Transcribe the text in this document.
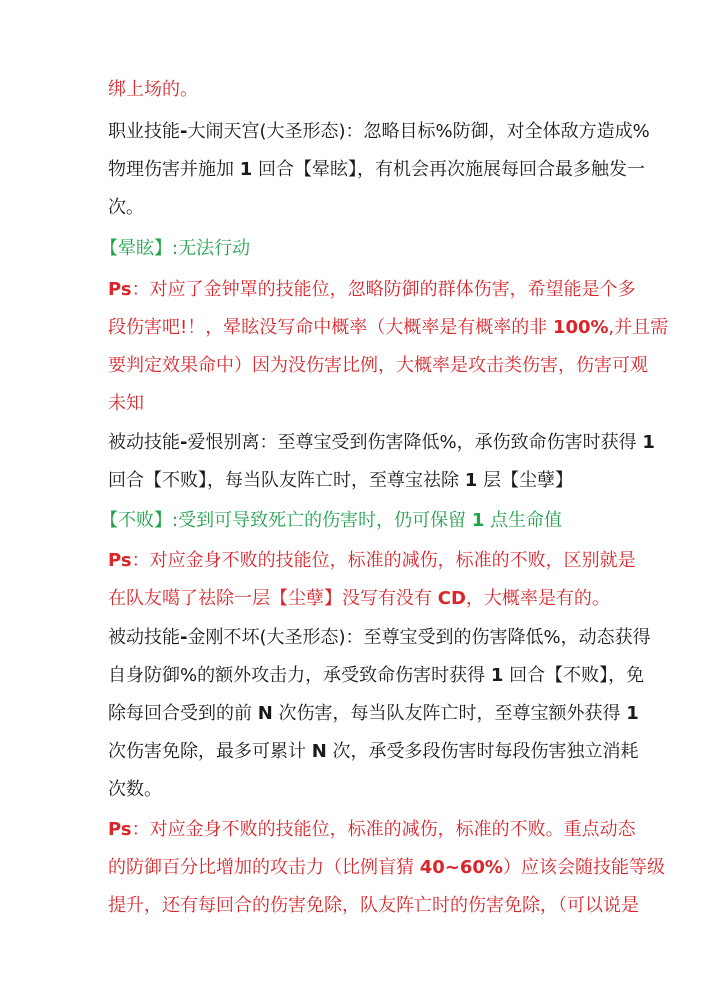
绑上场的。
职业技能-大闹天宫(大圣形态)：忽略目标%防御，对全体敌方造成%
物理伤害并施加 1 回合【晕眩】，有机会再次施展每回合最多触发一
次。
【晕眩】:无法行动
Ps：对应了金钟罩的技能位，忽略防御的群体伤害，希望能是个多
段伤害吧!！，晕眩没写命中概率（大概率是有概率的非 100%,并且需
要判定效果命中）因为没伤害比例，大概率是攻击类伤害，伤害可观
未知
被动技能-爱恨别离：至尊宝受到伤害降低%，承伤致命伤害时获得 1
回合【不败】，每当队友阵亡时，至尊宝祛除 1 层【尘孽】
【不败】:受到可导致死亡的伤害时，仍可保留 1 点生命值
Ps：对应金身不败的技能位，标准的减伤，标准的不败，区别就是
在队友噶了祛除一层【尘孽】没写有没有 CD，大概率是有的。
被动技能-金刚不坏(大圣形态)：至尊宝受到的伤害降低%，动态获得
自身防御%的额外攻击力，承受致命伤害时获得 1 回合【不败】，免
除每回合受到的前 N 次伤害，每当队友阵亡时，至尊宝额外获得 1
次伤害免除，最多可累计 N 次，承受多段伤害时每段伤害独立消耗
次数。
Ps：对应金身不败的技能位，标准的减伤，标准的不败。重点动态
的防御百分比增加的攻击力（比例盲猜 40~60%）应该会随技能等级
提升，还有每回合的伤害免除，队友阵亡时的伤害免除，（可以说是
